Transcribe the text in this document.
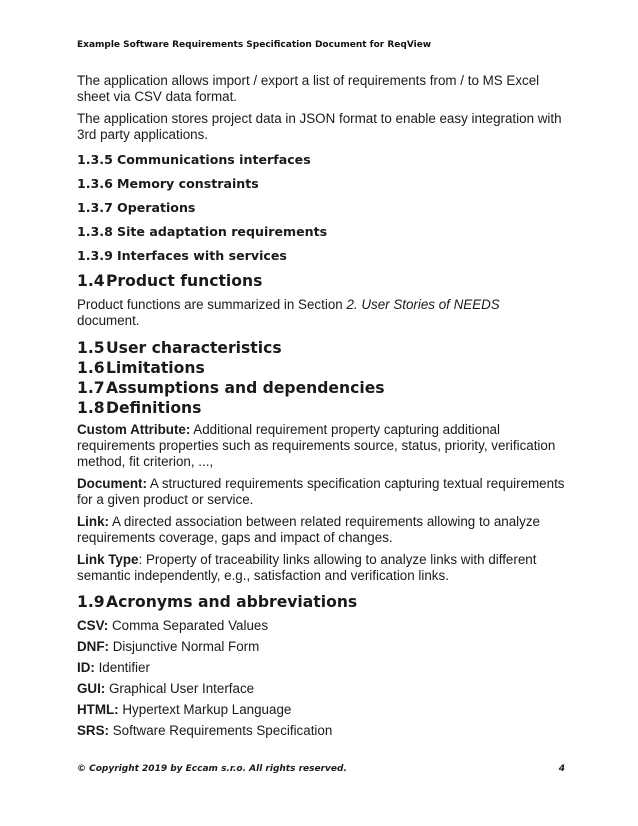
Example Software Requirements Specification Document for ReqView

The application allows import / export a list of requirements from / to MS Excel sheet via CSV data format.

The application stores project data in JSON format to enable easy integration with 3rd party applications.

1.3.5 Communications interfaces
1.3.6 Memory constraints
1.3.7 Operations
1.3.8 Site adaptation requirements
1.3.9 Interfaces with services
1.4Product functions

Product functions are summarized in Section 2. User Stories of NEEDS document.

1.5User characteristics
1.6Limitations
1.7Assumptions and dependencies
1.8Definitions

Custom Attribute: Additional requirement property capturing additional requirements properties such as requirements source, status, priority, verification method, fit criterion, ...,

Document: A structured requirements specification capturing textual requirements for a given product or service.

Link: A directed association between related requirements allowing to analyze requirements coverage, gaps and impact of changes.

Link Type: Property of traceability links allowing to analyze links with different semantic independently, e.g., satisfaction and verification links.

1.9Acronyms and abbreviations

CSV: Comma Separated Values

DNF: Disjunctive Normal Form

ID: Identifier

GUI: Graphical User Interface

HTML: Hypertext Markup Language

SRS: Software Requirements Specification

© Copyright 2019 by Eccam s.r.o. All rights reserved.	4
